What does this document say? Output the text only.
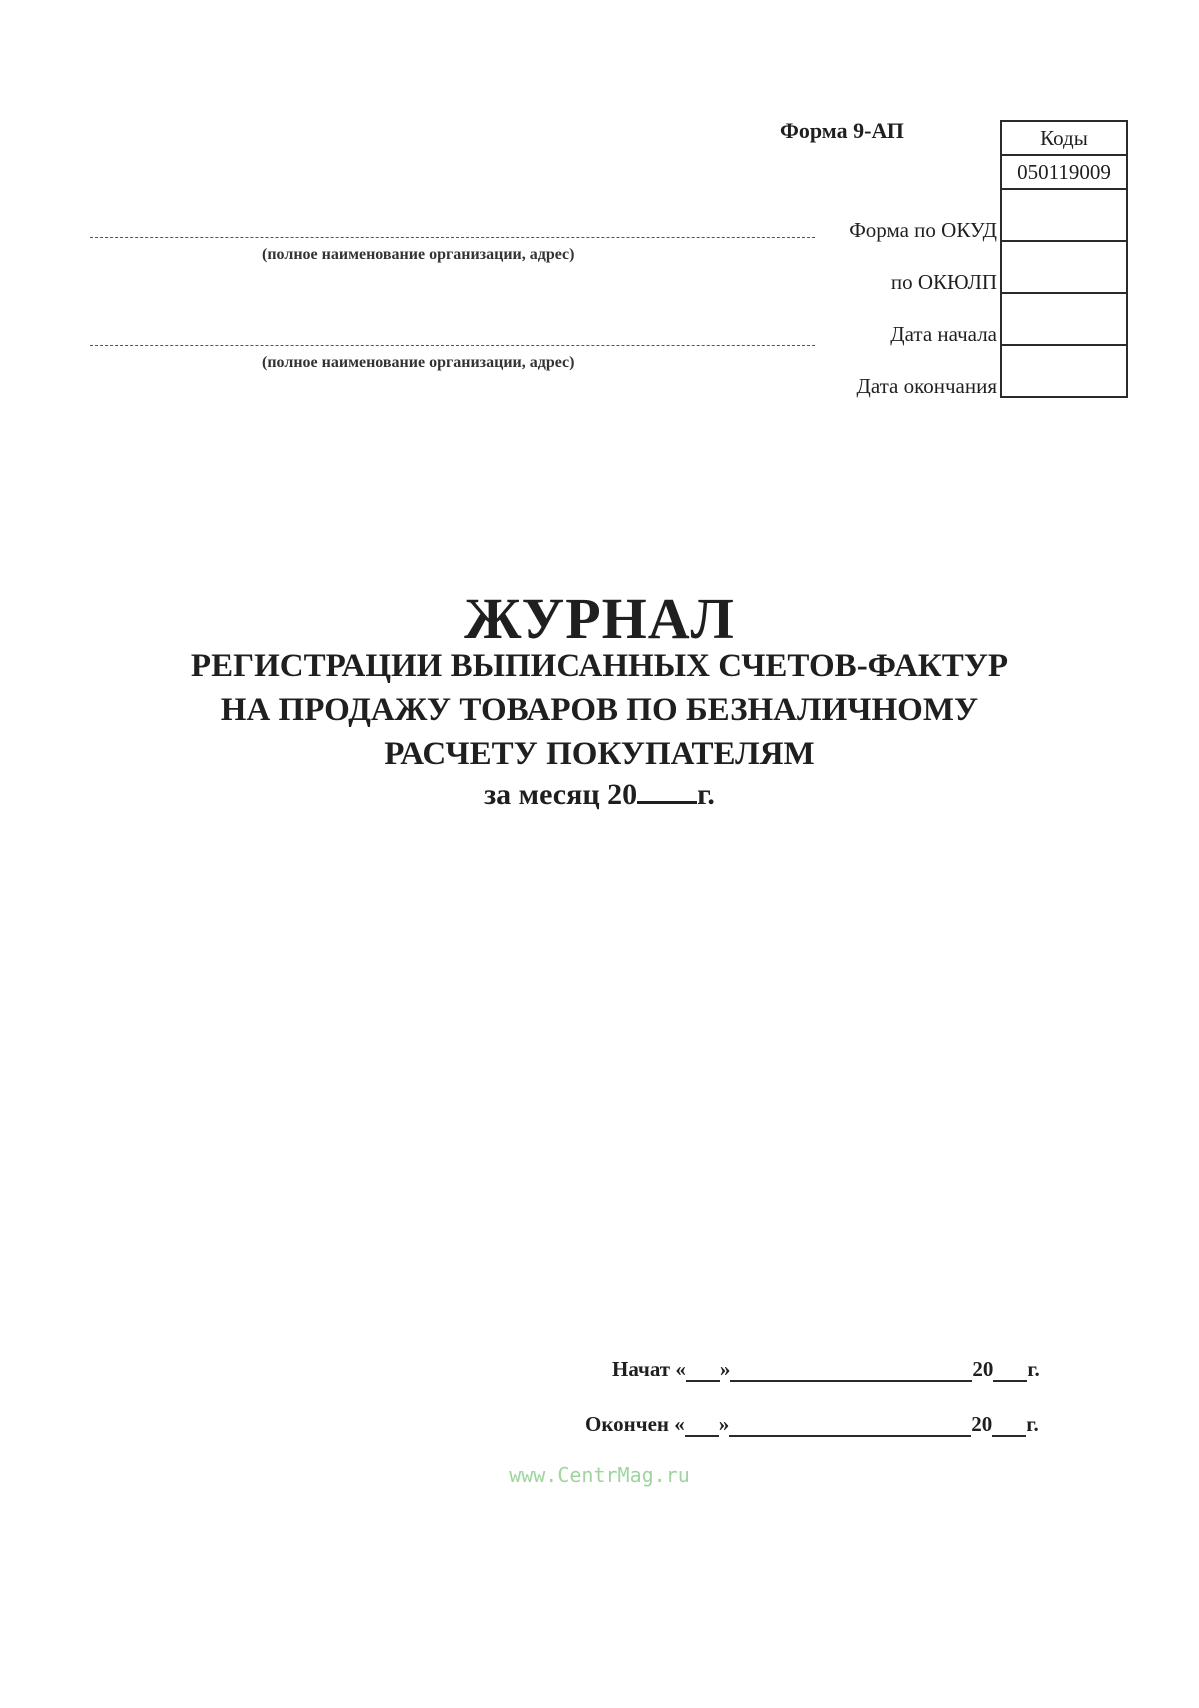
Форма 9-АП	Коды
050119009

Форма по ОКУД
по ОКЮЛП
Дата начала
Дата окончания
(полное наименование организации, адрес)
(полное наименование организации, адрес)
ЖУРНАЛ
РЕГИСТРАЦИИ ВЫПИСАННЫХ СЧЕТОВ-ФАКТУР
НА ПРОДАЖУ ТОВАРОВ ПО БЕЗНАЛИЧНОМУ
РАСЧЕТУ ПОКУПАТЕЛЯМ
за месяц 20 г.
Начат « »	20 г.
Окончен « »	20 г.
www.CentrMag.ru
